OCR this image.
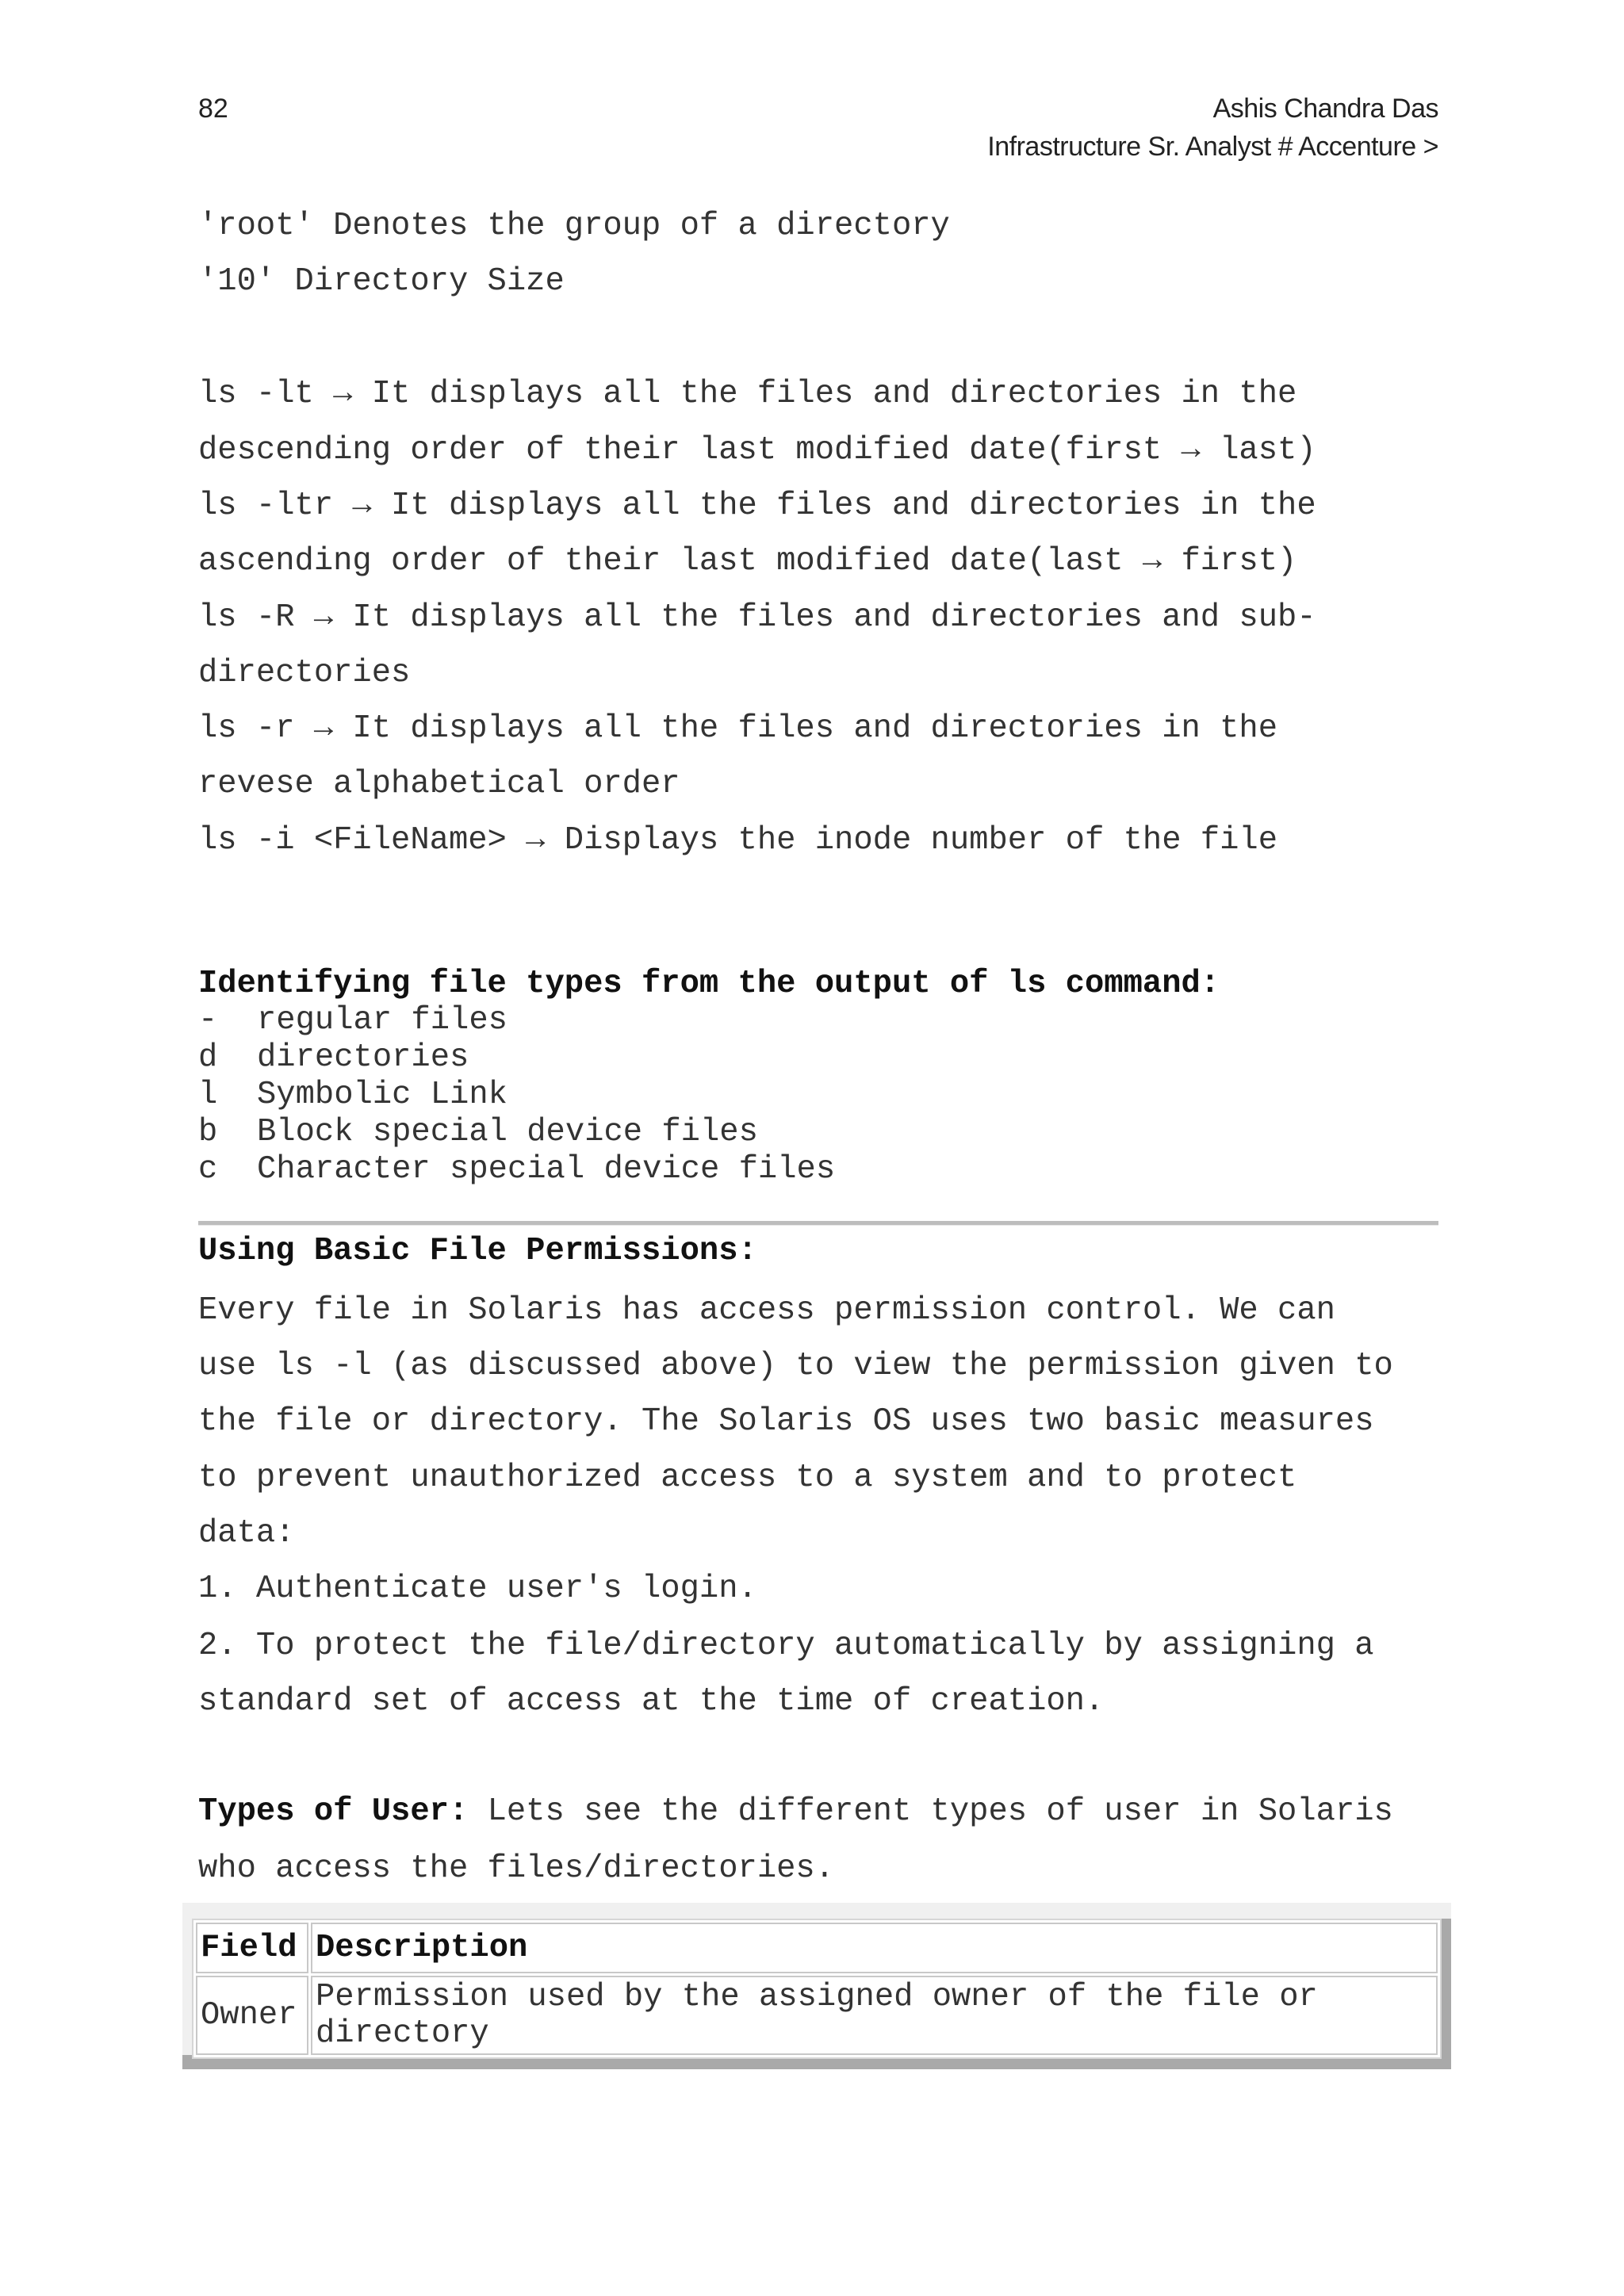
82	Ashis Chandra Das
Infrastructure Sr. Analyst # Accenture >
'root' Denotes the group of a directory
'10' Directory Size
ls -lt → It displays all the files and directories in the
descending order of their last modified date(first → last)
ls -ltr → It displays all the files and directories in the
ascending order of their last modified date(last → first)
ls -R → It displays all the files and directories and sub-
directories
ls -r → It displays all the files and directories in the
revese alphabetical order
ls -i <FileName> → Displays the inode number of the file
Identifying file types from the output of ls command:
- regular files
d directories
l Symbolic Link
b Block special device files
c Character special device files
Using Basic File Permissions:
Every file in Solaris has access permission control. We can
use ls -l (as discussed above) to view the permission given to
the file or directory. The Solaris OS uses two basic measures
to prevent unauthorized access to a system and to protect
data:
1. Authenticate user's login.
2. To protect the file/directory automatically by assigning a
standard set of access at the time of creation.
Types of User: Lets see the different types of user in Solaris
who access the files/directories.
Field	Description
Owner	Permission used by the assigned owner of the file or
directory
